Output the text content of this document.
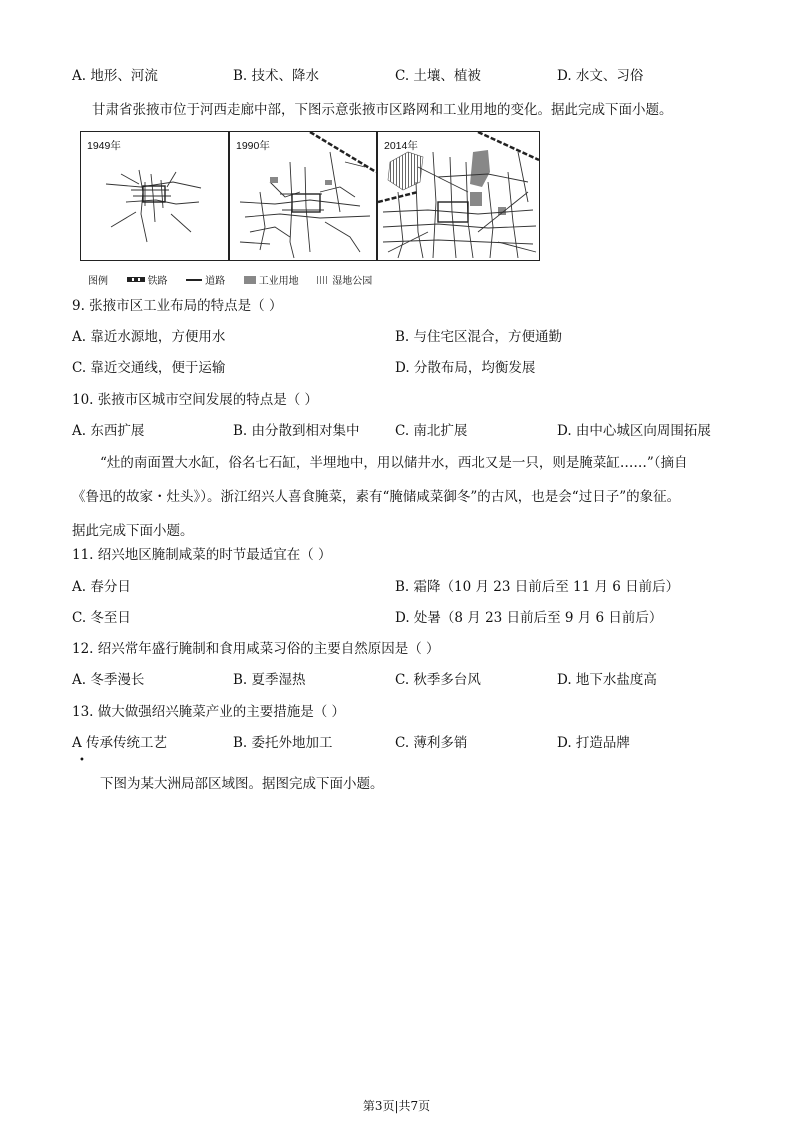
A. 地形、河流	B. 技术、降水	C. 土壤、植被	D. 水文、习俗
甘肃省张掖市位于河西走廊中部，下图示意张掖市区路网和工业用地的变化。据此完成下面小题。
1949年	1990年	2014年
图例	铁路	道路	工业用地	湿地公园
9. 张掖市区工业布局的特点是（ ）
A. 靠近水源地，方便用水	B. 与住宅区混合，方便通勤
C. 靠近交通线，便于运输	D. 分散布局，均衡发展
10. 张掖市区城市空间发展的特点是（ ）
A. 东西扩展	B. 由分散到相对集中	C. 南北扩展	D. 由中心城区向周围拓展

“灶的南面置大水缸，俗名七石缸，半埋地中，用以储井水，西北又是一只，则是腌菜缸……”（摘自

《鲁迅的故家・灶头》）。浙江绍兴人喜食腌菜，素有“腌储咸菜御冬”的古风，也是会“过日子”的象征。

据此完成下面小题。

11. 绍兴地区腌制咸菜的时节最适宜在（ ）
A. 春分日	B. 霜降（10 月 23 日前后至 11 月 6 日前后）
C. 冬至日	D. 处暑（8 月 23 日前后至 9 月 6 日前后）
12. 绍兴常年盛行腌制和食用咸菜习俗的主要自然原因是（ ）
A. 冬季漫长	B. 夏季湿热	C. 秋季多台风	D. 地下水盐度高
13. 做大做强绍兴腌菜产业的主要措施是（ ）
A 传承传统工艺	B. 委托外地加工	C. 薄利多销	D. 打造品牌
•
下图为某大洲局部区域图。据图完成下面小题。
第3页|共7页
